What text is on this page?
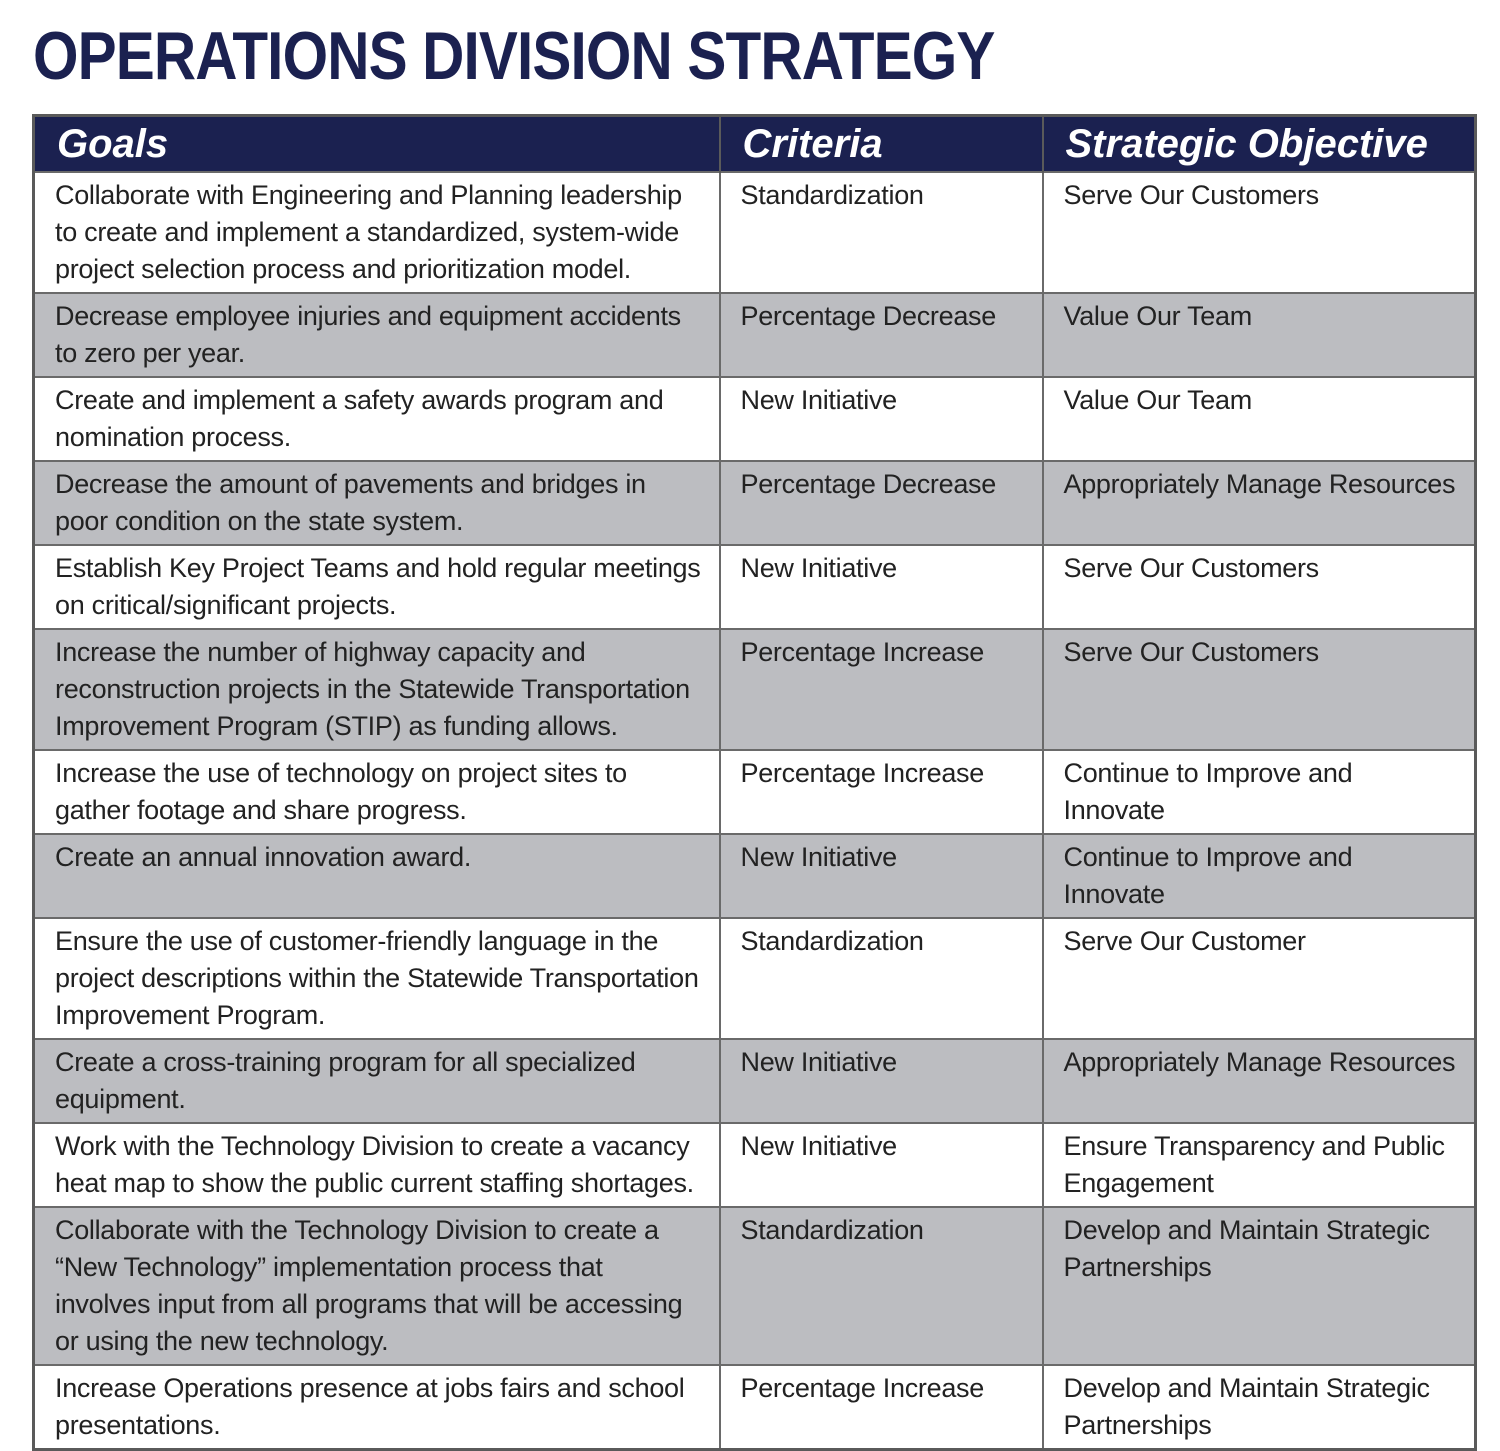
OPERATIONS DIVISION STRATEGY
Goals	Criteria	Strategic Objective
Collaborate with Engineering and Planning leadership to create and implement a standardized, system-wide project selection process and prioritization model.	Standardization	Serve Our Customers
Decrease employee injuries and equipment accidents to zero per year.	Percentage Decrease	Value Our Team
Create and implement a safety awards program and nomination process.	New Initiative	Value Our Team
Decrease the amount of pavements and bridges in poor condition on the state system.	Percentage Decrease	Appropriately Manage Resources
Establish Key Project Teams and hold regular meetings on critical/significant projects.	New Initiative	Serve Our Customers
Increase the number of highway capacity and reconstruction projects in the Statewide Transportation Improvement Program (STIP) as funding allows.	Percentage Increase	Serve Our Customers
Increase the use of technology on project sites to gather footage and share progress.	Percentage Increase	Continue to Improve and Innovate
Create an annual innovation award.	New Initiative	Continue to Improve and Innovate
Ensure the use of customer-friendly language in the project descriptions within the Statewide Transportation Improvement Program.	Standardization	Serve Our Customer
Create a cross-training program for all specialized equipment.	New Initiative	Appropriately Manage Resources
Work with the Technology Division to create a vacancy heat map to show the public current staffing shortages.	New Initiative	Ensure Transparency and Public Engagement
Collaborate with the Technology Division to create a “New Technology” implementation process that involves input from all programs that will be accessing or using the new technology.	Standardization	Develop and Maintain Strategic Partnerships
Increase Operations presence at jobs fairs and school presentations.	Percentage Increase	Develop and Maintain Strategic Partnerships
